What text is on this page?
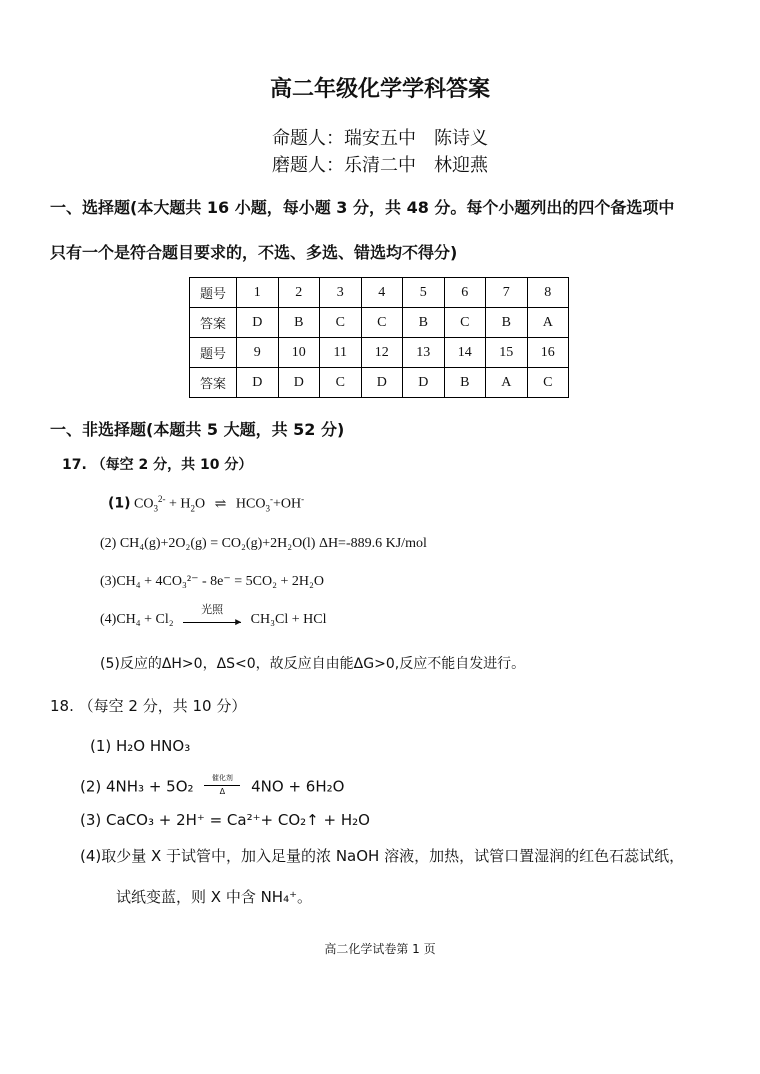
高二年级化学学科答案
命题人：瑞安五中　陈诗义
磨题人：乐清二中　林迎燕
一、选择题(本大题共 16 小题，每小题 3 分，共 48 分。每个小题列出的四个备选项中
只有一个是符合题目要求的，不选、多选、错选均不得分)
题号	1	2	3	4	5	6	7	8
答案	D	B	C	C	B	C	B	A
题号	9	10	11	12	13	14	15	16
答案	D	D	C	D	D	B	A	C
一、非选择题(本题共 5 大题，共 52 分)
17. （每空 2 分，共 10 分）
(1) $CO_3^{2-} + H_2O$ ⇌ $HCO_3^-+OH^-$
(2) CH₄(g)+2O₂(g) = CO₂(g)+2H₂O(l) ΔH=-889.6 KJ/mol
(3)CH₄ + 4CO₃²⁻ - 8e⁻ = 5CO₂ + 2H₂O
(4)CH₄ + Cl₂
光照
► CH₃Cl + HCl
(5)反应的ΔH>0，ΔS<0，故反应自由能ΔG>0,反应不能自发进行。
18. （每空 2 分，共 10 分）
(1) H₂O HNO₃
(2) 4NH₃ + 5O₂	催化剂
Δ	4NO + 6H₂O
(3) CaCO₃ + 2H⁺ = Ca²⁺+ CO₂↑ + H₂O
(4)取少量 X 于试管中，加入足量的浓 NaOH 溶液，加热，试管口置湿润的红色石蕊试纸，
试纸变蓝，则 X 中含 NH₄⁺。
高二化学试卷第 1 页
